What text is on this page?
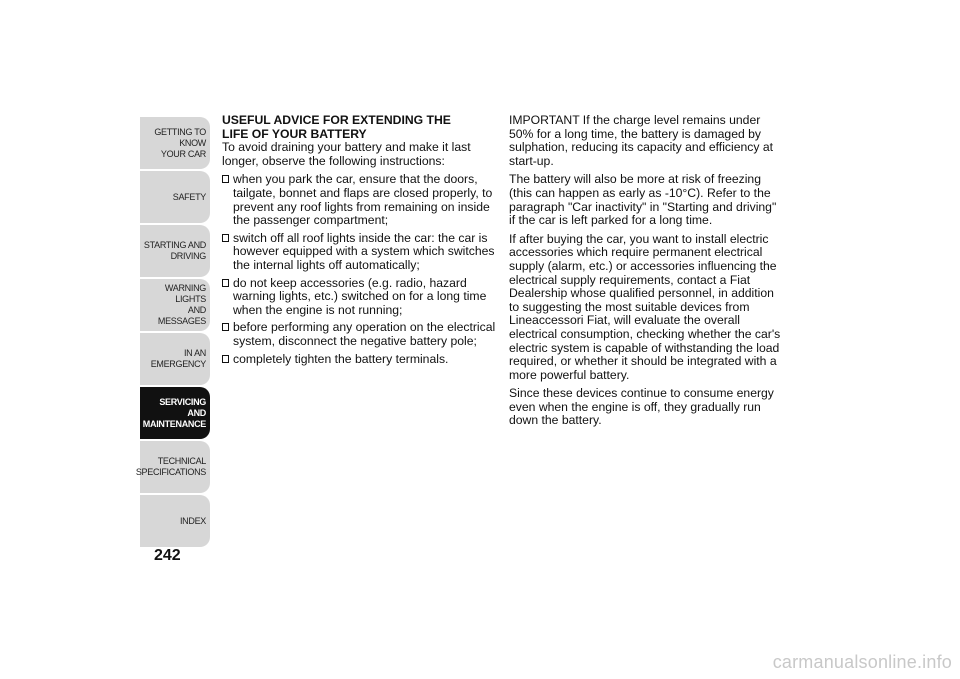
GETTING TO KNOW
YOUR CAR
SAFETY
STARTING AND
DRIVING
WARNING LIGHTS
AND MESSAGES
IN AN EMERGENCY
SERVICING AND
MAINTENANCE
TECHNICAL
SPECIFICATIONS
INDEX
242
USEFUL ADVICE FOR EXTENDING THE
LIFE OF YOUR BATTERY

To avoid draining your battery and make it last longer, observe the following instructions:

when you park the car, ensure that the doors, tailgate, bonnet and flaps are closed properly, to prevent any roof lights from remaining on inside the passenger compartment;
switch off all roof lights inside the car: the car is however equipped with a system which switches the internal lights off automatically;
do not keep accessories (e.g. radio, hazard warning lights, etc.) switched on for a long time when the engine is not running;
before performing any operation on the electrical system, disconnect the negative battery pole;
completely tighten the battery terminals.

IMPORTANT If the charge level remains under 50% for a long time, the battery is damaged by sulphation, reducing its capacity and efficiency at start-up.

The battery will also be more at risk of freezing (this can happen as early as -10°C). Refer to the paragraph "Car inactivity" in "Starting and driving" if the car is left parked for a long time.

If after buying the car, you want to install electric accessories which require permanent electrical supply (alarm, etc.) or accessories influencing the electrical supply requirements, contact a Fiat Dealership whose qualified personnel, in addition to suggesting the most suitable devices from Lineaccessori Fiat, will evaluate the overall electrical consumption, checking whether the car's electric system is capable of withstanding the load required, or whether it should be integrated with a more powerful battery.

Since these devices continue to consume energy even when the engine is off, they gradually run down the battery.

carmanualsonline.info
